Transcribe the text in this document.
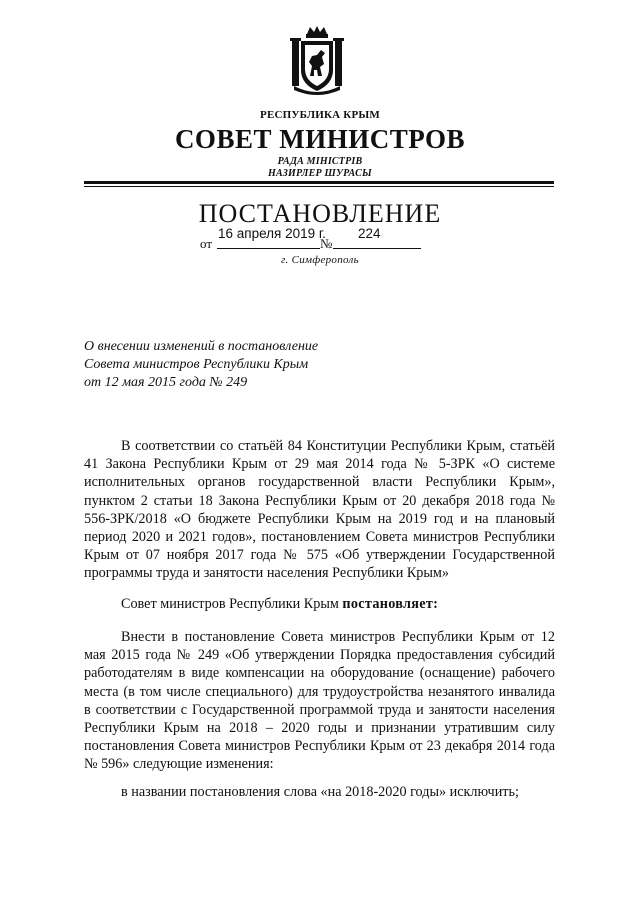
РЕСПУБЛИКА КРЫМ
СОВЕТ МИНИСТРОВ
РАДА МІНІСТРІВ
НАЗИРЛЕР ШУРАСЫ
ПОСТАНОВЛЕНИЕ
от
16 апреля 2019 г.
№
224
г. Симферополь
О внесении изменений в постановление
Совета министров Республики Крым
от 12 мая 2015 года № 249
В соответствии со статьёй 84 Конституции Республики Крым, статьёй 41 Закона Республики Крым от 29 мая 2014 года № 5-ЗРК «О системе исполнительных органов государственной власти Республики Крым», пунктом 2 статьи 18 Закона Республики Крым от 20 декабря 2018 года № 556-ЗРК/2018 «О бюджете Республики Крым на 2019 год и на плановый период 2020 и 2021 годов», постановлением Совета министров Республики Крым от 07 ноября 2017 года № 575 «Об утверждении Государственной программы труда и занятости населения Республики Крым»
Совет министров Республики Крым постановляет:
Внести в постановление Совета министров Республики Крым от 12 мая 2015 года № 249 «Об утверждении Порядка предоставления субсидий работодателям в виде компенсации на оборудование (оснащение) рабочего места (в том числе специального) для трудоустройства незанятого инвалида в соответствии с Государственной программой труда и занятости населения Республики Крым на 2018 – 2020 годы и признании утратившим силу постановления Совета министров Республики Крым от 23 декабря 2014 года № 596» следующие изменения:
в названии постановления слова «на 2018-2020 годы» исключить;
